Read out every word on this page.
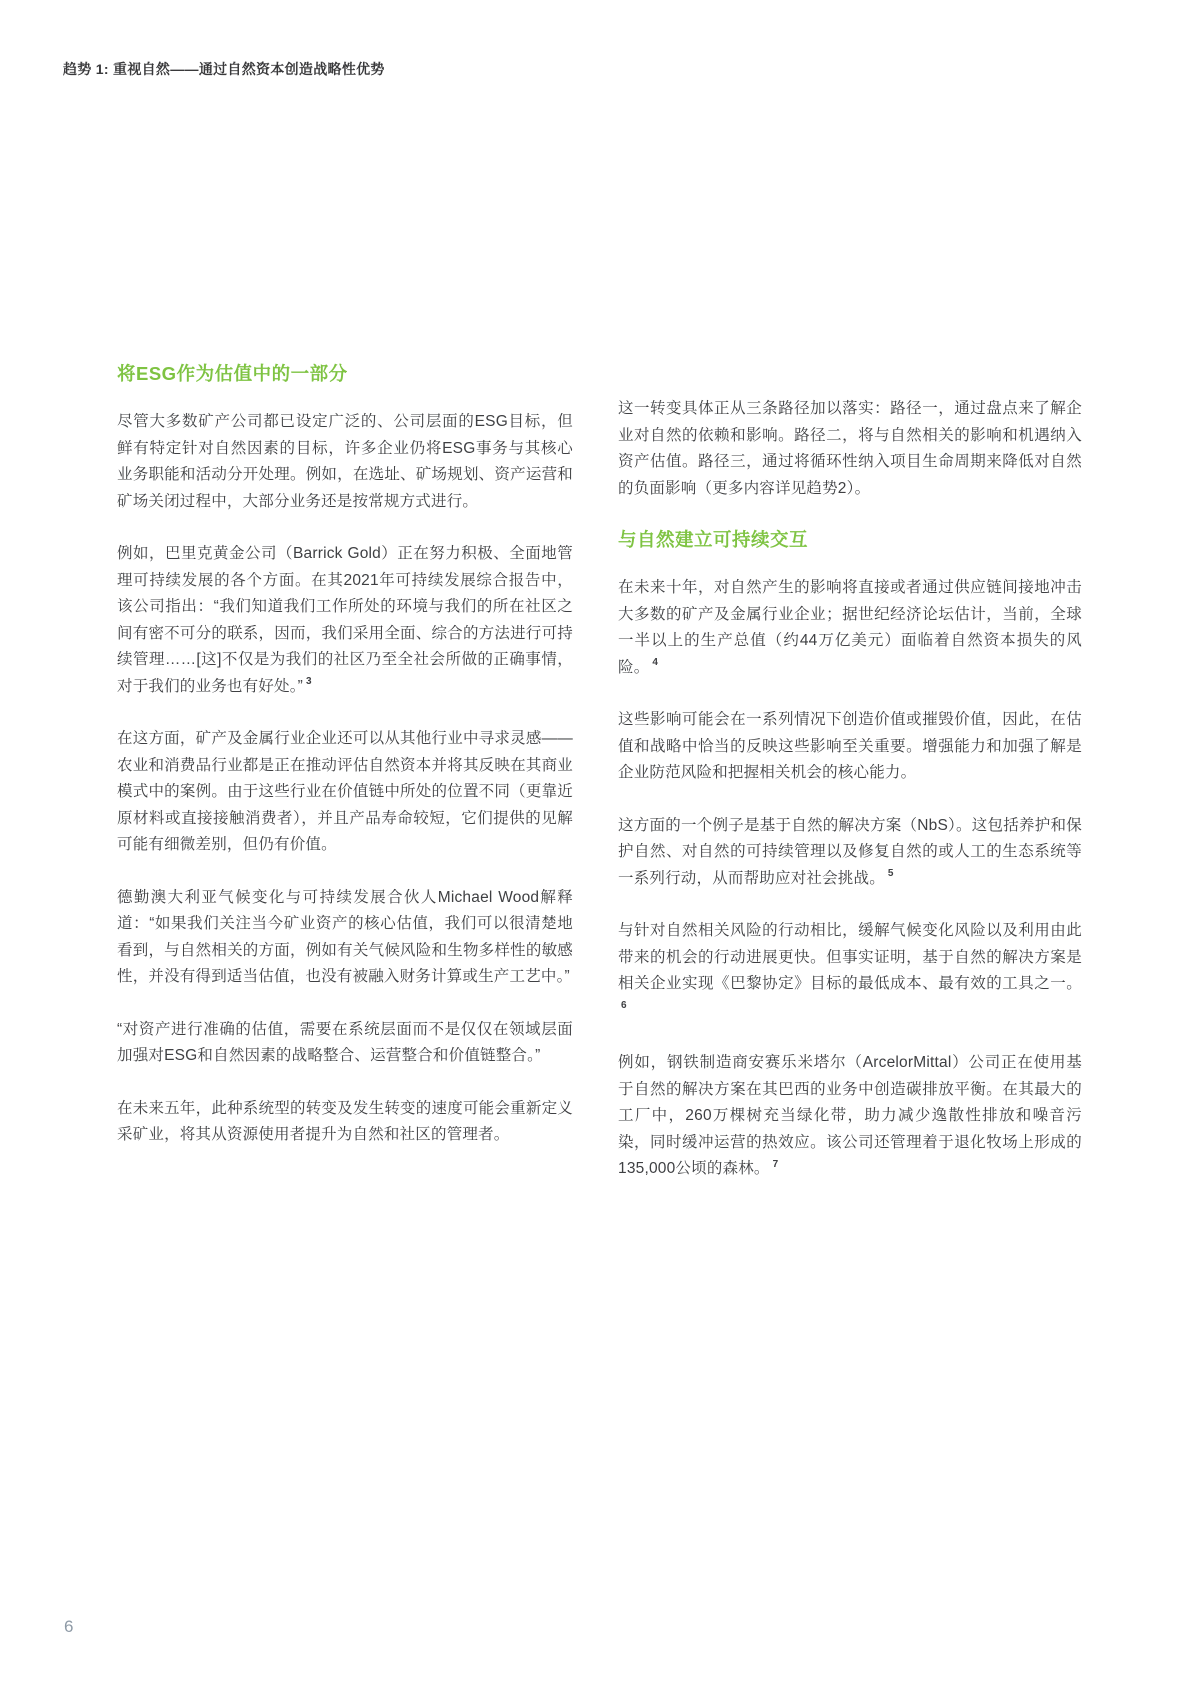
趋势 1: 重视自然——通过自然资本创造战略性优势
将ESG作为估值中的一部分

尽管大多数矿产公司都已设定广泛的、公司层面的ESG目标，但鲜有特定针对自然因素的目标，许多企业仍将ESG事务与其核心业务职能和活动分开处理。例如，在选址、矿场规划、资产运营和矿场关闭过程中，大部分业务还是按常规方式进行。

例如，巴里克黄金公司（Barrick Gold）正在努力积极、全面地管理可持续发展的各个方面。在其2021年可持续发展综合报告中，该公司指出：“我们知道我们工作所处的环境与我们的所在社区之间有密不可分的联系，因而，我们采用全面、综合的方法进行可持续管理……[这]不仅是为我们的社区乃至全社会所做的正确事情，对于我们的业务也有好处。” $^3$

在这方面，矿产及金属行业企业还可以从其他行业中寻求灵感——农业和消费品行业都是正在推动评估自然资本并将其反映在其商业模式中的案例。由于这些行业在价值链中所处的位置不同（更靠近原材料或直接接触消费者），并且产品寿命较短，它们提供的见解可能有细微差别，但仍有价值。

德勤澳大利亚气候变化与可持续发展合伙人Michael Wood解释道：“如果我们关注当今矿业资产的核心估值，我们可以很清楚地看到，与自然相关的方面，例如有关气候风险和生物多样性的敏感性，并没有得到适当估值，也没有被融入财务计算或生产工艺中。”

“对资产进行准确的估值，需要在系统层面而不是仅仅在领域层面加强对ESG和自然因素的战略整合、运营整合和价值链整合。”

在未来五年，此种系统型的转变及发生转变的速度可能会重新定义采矿业，将其从资源使用者提升为自然和社区的管理者。

这一转变具体正从三条路径加以落实：路径一，通过盘点来了解企业对自然的依赖和影响。路径二，将与自然相关的影响和机遇纳入资产估值。路径三，通过将循环性纳入项目生命周期来降低对自然的负面影响（更多内容详见趋势2）。

与自然建立可持续交互

在未来十年，对自然产生的影响将直接或者通过供应链间接地冲击大多数的矿产及金属行业企业；据世纪经济论坛估计，当前，全球一半以上的生产总值（约44万亿美元）面临着自然资本损失的风险。 $^4$

这些影响可能会在一系列情况下创造价值或摧毁价值，因此，在估值和战略中恰当的反映这些影响至关重要。增强能力和加强了解是企业防范风险和把握相关机会的核心能力。

这方面的一个例子是基于自然的解决方案（NbS）。这包括养护和保护自然、对自然的可持续管理以及修复自然的或人工的生态系统等一系列行动，从而帮助应对社会挑战。 $^5$

与针对自然相关风险的行动相比，缓解气候变化风险以及利用由此带来的机会的行动进展更快。但事实证明，基于自然的解决方案是相关企业实现《巴黎协定》目标的最低成本、最有效的工具之一。$^6$

例如，钢铁制造商安赛乐米塔尔（ArcelorMittal）公司正在使用基于自然的解决方案在其巴西的业务中创造碳排放平衡。在其最大的工厂中，260万棵树充当绿化带，助力减少逸散性排放和噪音污染，同时缓冲运营的热效应。该公司还管理着于退化牧场上形成的135,000公顷的森林。 $^7$

6
